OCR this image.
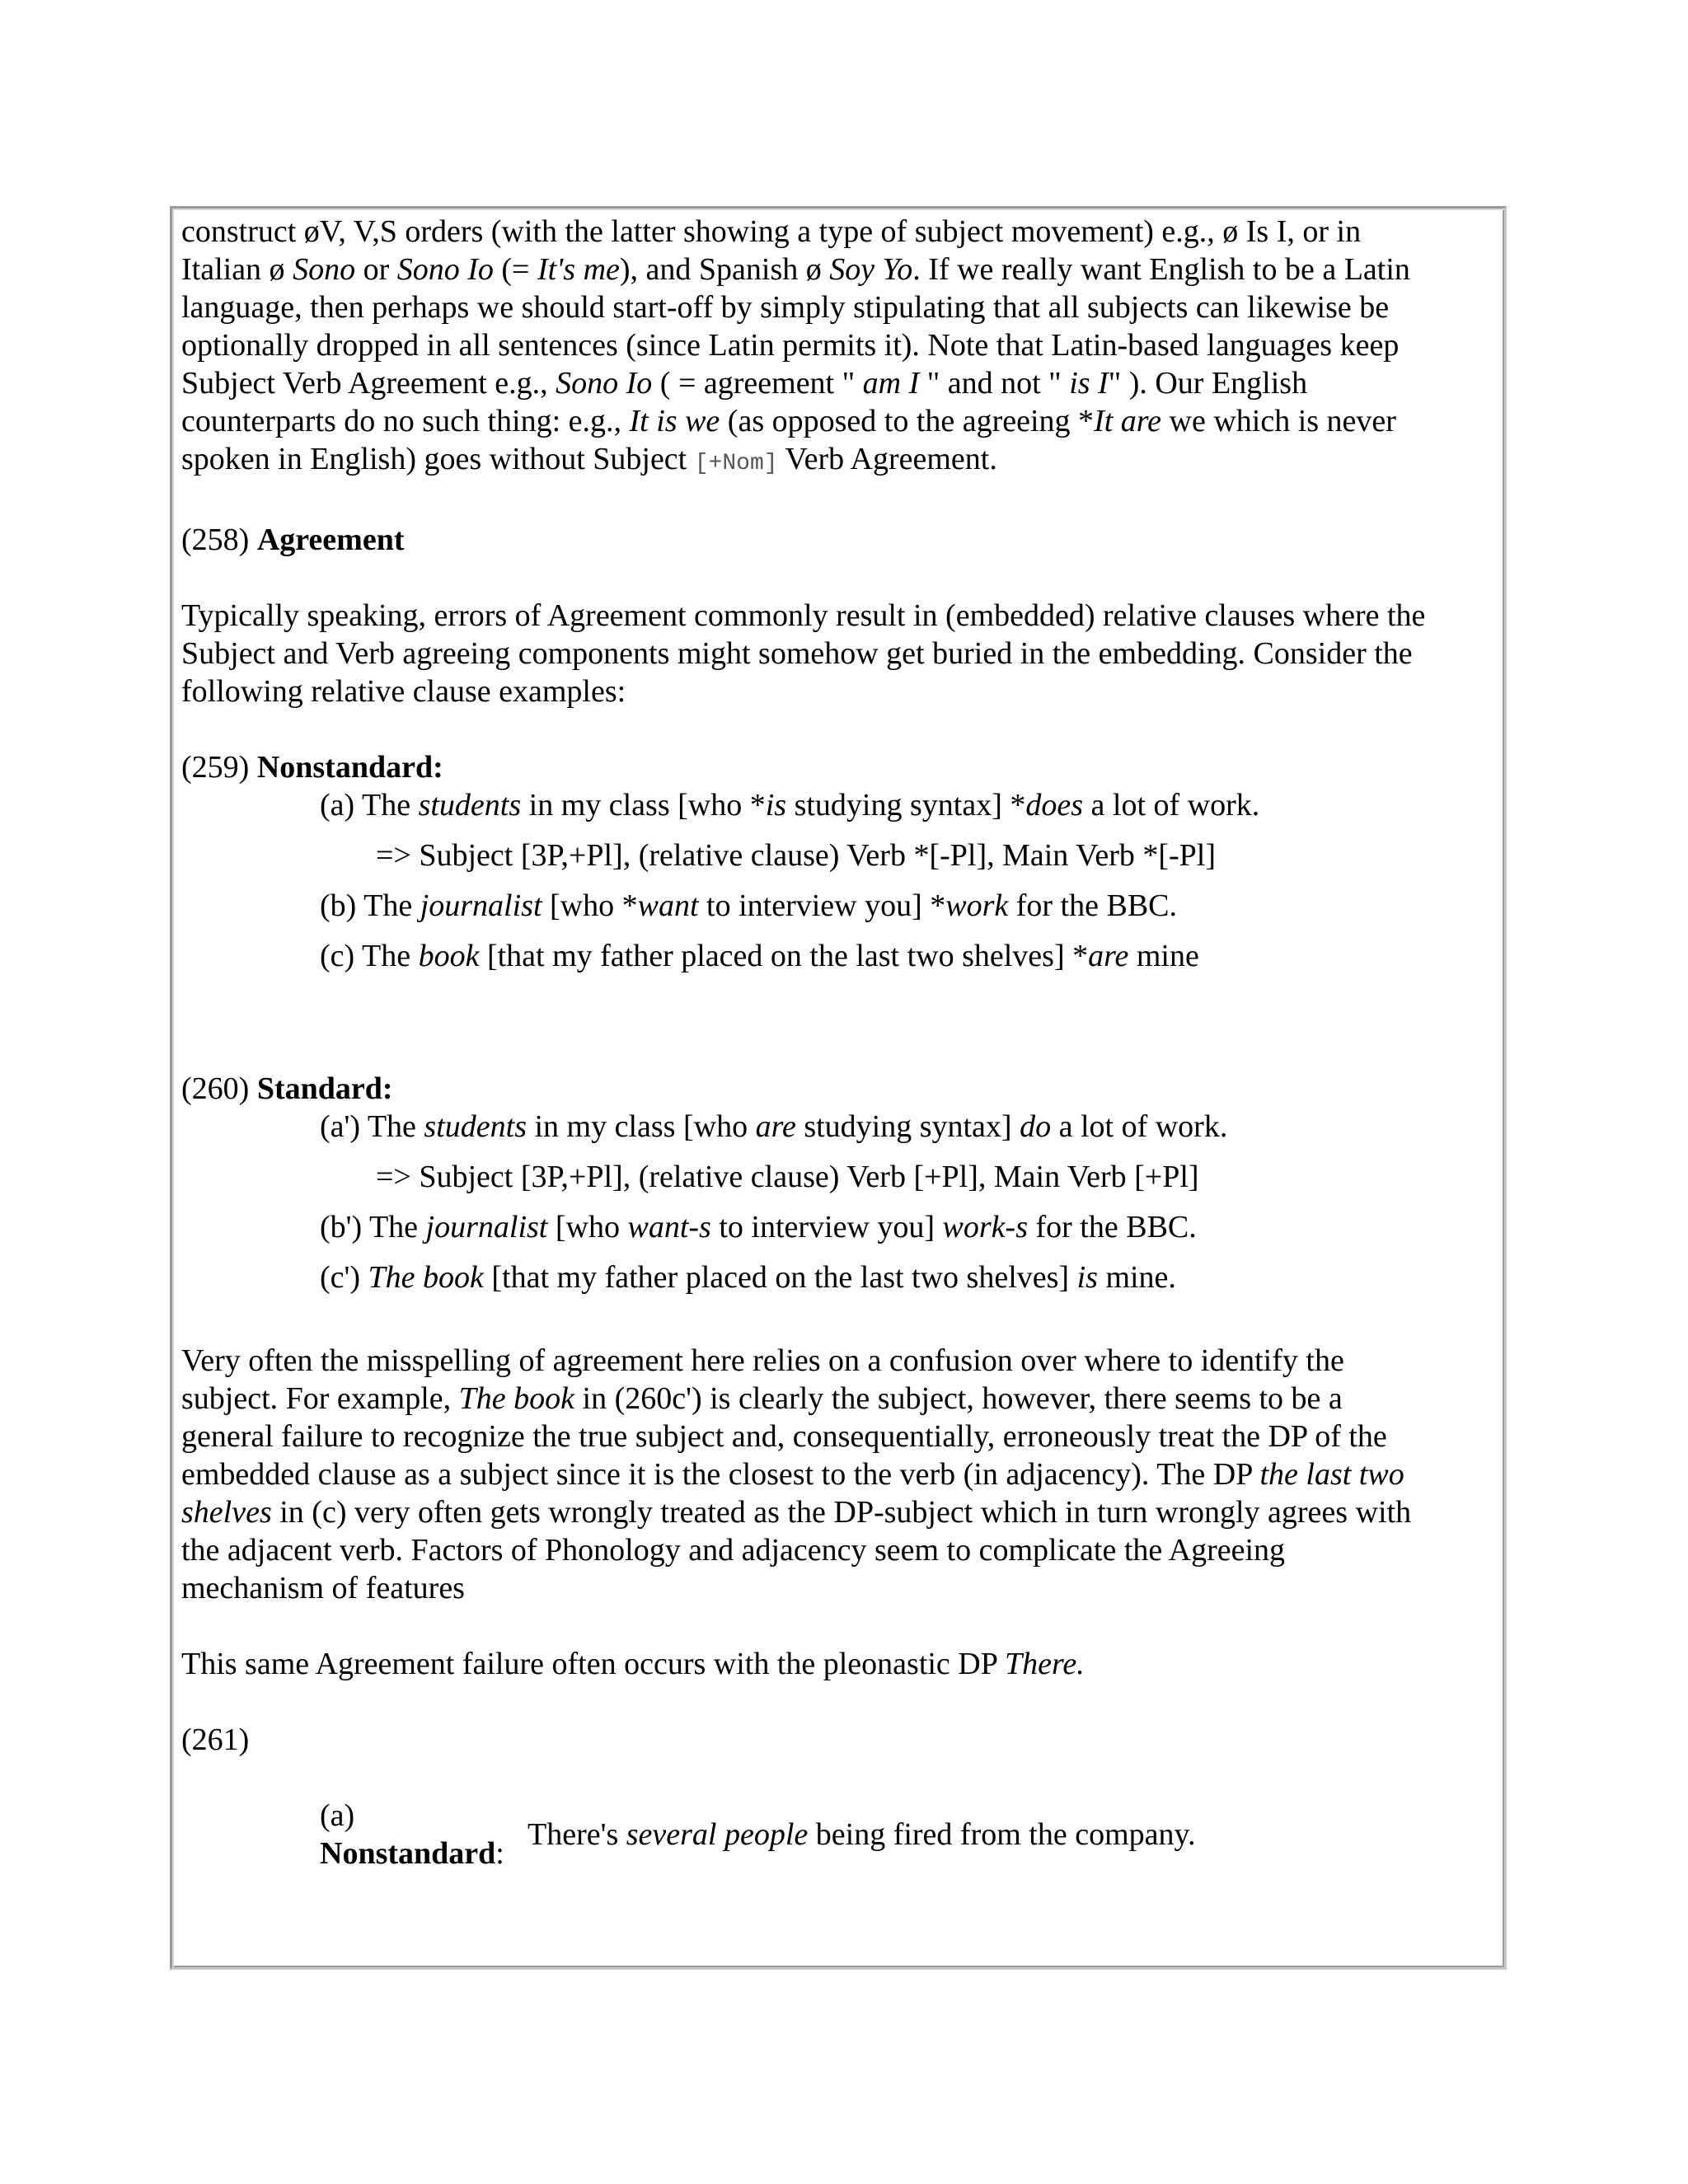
construct øV, V,S orders (with the latter showing a type of subject movement) e.g., ø Is I, or in

Italian ø Sono or Sono Io (= It's me), and Spanish ø Soy Yo. If we really want English to be a Latin

language, then perhaps we should start-off by simply stipulating that all subjects can likewise be

optionally dropped in all sentences (since Latin permits it). Note that Latin-based languages keep

Subject Verb Agreement e.g., Sono Io ( = agreement " am I " and not " is I" ). Our English

counterparts do no such thing: e.g., It is we (as opposed to the agreeing *It are we which is never

spoken in English) goes without Subject [+Nom] Verb Agreement.

(258) Agreement

Typically speaking, errors of Agreement commonly result in (embedded) relative clauses where the

Subject and Verb agreeing components might somehow get buried in the embedding. Consider the

following relative clause examples:

(259) Nonstandard:

(a) The students in my class [who *is studying syntax] *does a lot of work.

=> Subject [3P,+Pl], (relative clause) Verb *[-Pl], Main Verb *[-Pl]

(b) The journalist [who *want to interview you] *work for the BBC.

(c) The book [that my father placed on the last two shelves] *are mine

(260) Standard:

(a') The students in my class [who are studying syntax] do a lot of work.

=> Subject [3P,+Pl], (relative clause) Verb [+Pl], Main Verb [+Pl]

(b') The journalist [who want-s to interview you] work-s for the BBC.

(c') The book [that my father placed on the last two shelves] is mine.

Very often the misspelling of agreement here relies on a confusion over where to identify the

subject. For example, The book in (260c') is clearly the subject, however, there seems to be a

general failure to recognize the true subject and, consequentially, erroneously treat the DP of the

embedded clause as a subject since it is the closest to the verb (in adjacency). The DP the last two

shelves in (c) very often gets wrongly treated as the DP-subject which in turn wrongly agrees with

the adjacent verb. Factors of Phonology and adjacency seem to complicate the Agreeing

mechanism of features

This same Agreement failure often occurs with the pleonastic DP There.

(261)

(a)
Nonstandard:
There's several people being fired from the company.
